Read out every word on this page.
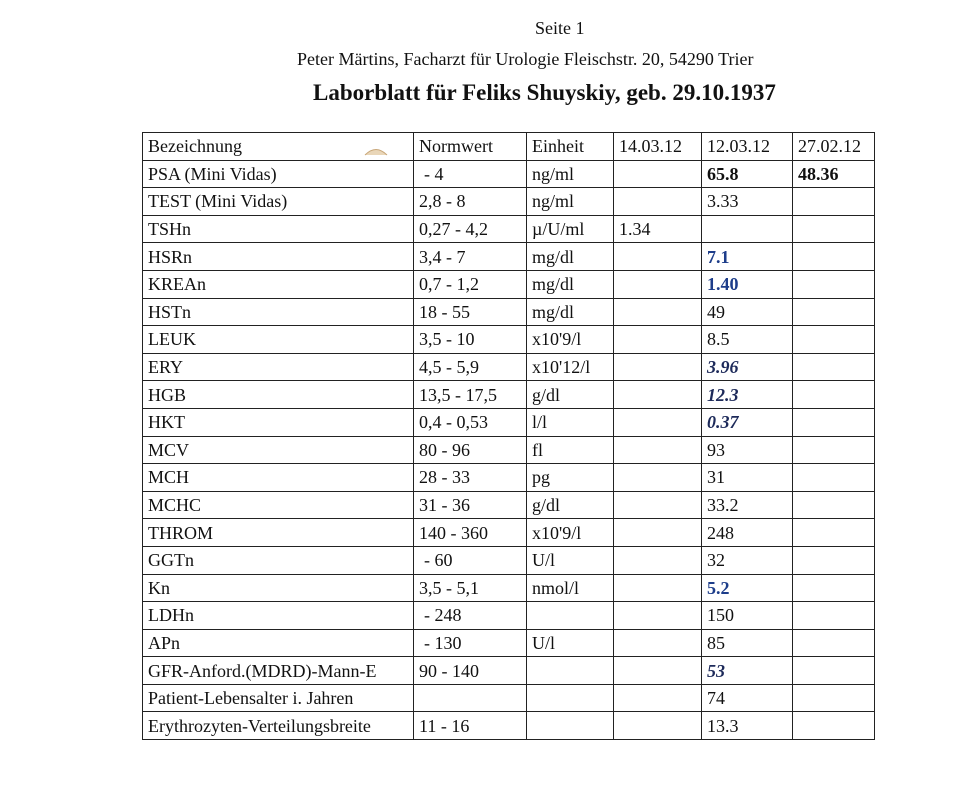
Seite 1

Peter Märtins, Facharzt für Urologie Fleischstr. 20, 54290 Trier

Laborblatt für Feliks Shuyskiy, geb. 29.10.1937

Bezeichnung	Normwert	Einheit	14.03.12	12.03.12	27.02.12
PSA (Mini Vidas)	- 4	ng/ml		65.8	48.36
TEST (Mini Vidas)	2,8 - 8	ng/ml		3.33	
TSHn	0,27 - 4,2	µ/U/ml	1.34		
HSRn	3,4 - 7	mg/dl		7.1	
KREAn	0,7 - 1,2	mg/dl		1.40	
HSTn	18 - 55	mg/dl		49	
LEUK	3,5 - 10	x10'9/l		8.5	
ERY	4,5 - 5,9	x10'12/l		3.96	
HGB	13,5 - 17,5	g/dl		12.3	
HKT	0,4 - 0,53	l/l		0.37	
MCV	80 - 96	fl		93	
MCH	28 - 33	pg		31	
MCHC	31 - 36	g/dl		33.2	
THROM	140 - 360	x10'9/l		248	
GGTn	- 60	U/l		32	
Kn	3,5 - 5,1	nmol/l		5.2	
LDHn	- 248			150	
APn	- 130	U/l		85	
GFR-Anford.(MDRD)-Mann-E	90 - 140			53	
Patient-Lebensalter i. Jahren				74	
Erythrozyten-Verteilungsbreite	11 - 16			13.3	
